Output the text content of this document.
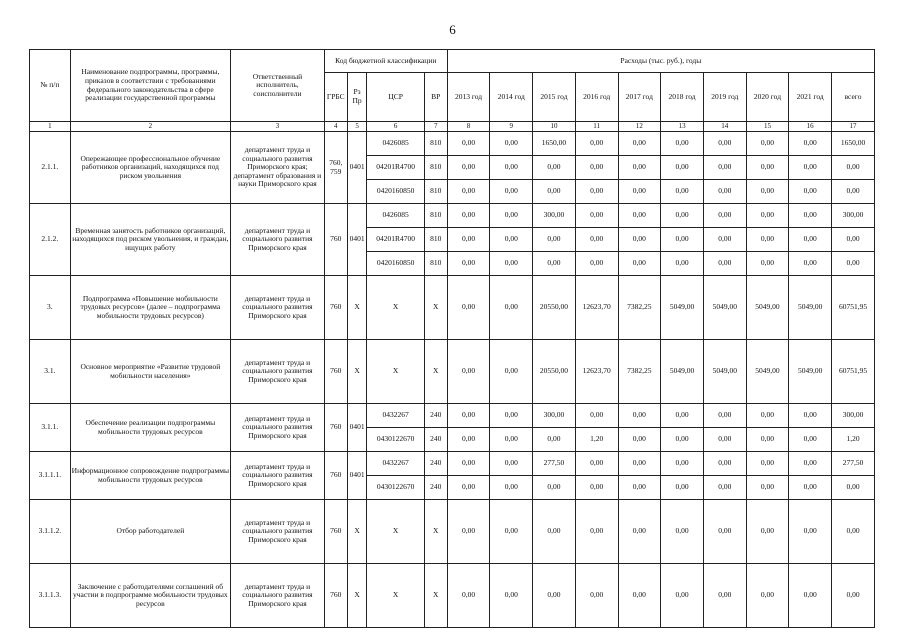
6
№ п/п	Наименование подпрограммы, программы, приказов в соответствии с требованиями федерального законодательства в сфере реализации государственной программы	Ответственный исполнитель, соисполнители	Код бюджетной классификации				Расходы (тыс. руб.), годы									
			ГРБС	Рз Пр	ЦСР	ВР	2013 год	2014 год	2015 год	2016 год	2017 год	2018 год	2019 год	2020 год	2021 год	всего
1	2	3	4	5	6	7	8	9	10	11	12	13	14	15	16	17
2.1.1.	Опережающее профессиональное обучение работников организаций, находящихся под риском увольнения	департамент труда и социального развития Приморского края; департамент образования и науки Приморского края	760, 759	0401	0426085	810	0,00	0,00	1650,00	0,00	0,00	0,00	0,00	0,00	0,00	1650,00
					04201R4700	810	0,00	0,00	0,00	0,00	0,00	0,00	0,00	0,00	0,00	0,00
					0420160850	810	0,00	0,00	0,00	0,00	0,00	0,00	0,00	0,00	0,00	0,00
2.1.2.	Временная занятость работников организаций, находящихся под риском увольнения, и граждан, ищущих работу	департамент труда и социального развития Приморского края	760	0401	0426085	810	0,00	0,00	300,00	0,00	0,00	0,00	0,00	0,00	0,00	300,00
					04201R4700	810	0,00	0,00	0,00	0,00	0,00	0,00	0,00	0,00	0,00	0,00
					0420160850	810	0,00	0,00	0,00	0,00	0,00	0,00	0,00	0,00	0,00	0,00
3.	Подпрограмма «Повышение мобильности трудовых ресурсов» (далее – подпрограмма мобильности трудовых ресурсов)	департамент труда и социального развития Приморского края	760	X	X	X	0,00	0,00	20550,00	12623,70	7382,25	5049,00	5049,00	5049,00	5049,00	60751,95
3.1.	Основное мероприятие «Развитие трудовой мобильности населения»	департамент труда и социального развития Приморского края	760	X	X	X	0,00	0,00	20550,00	12623,70	7382,25	5049,00	5049,00	5049,00	5049,00	60751,95
3.1.1.	Обеспечение реализации подпрограммы мобильности трудовых ресурсов	департамент труда и социального развития Приморского края	760	0401	0432267	240	0,00	0,00	300,00	0,00	0,00	0,00	0,00	0,00	0,00	300,00
					0430122670	240	0,00	0,00	0,00	1,20	0,00	0,00	0,00	0,00	0,00	1,20
3.1.1.1.	Информационное сопровождение подпрограммы мобильности трудовых ресурсов	департамент труда и социального развития Приморского края	760	0401	0432267	240	0,00	0,00	277,50	0,00	0,00	0,00	0,00	0,00	0,00	277,50
					0430122670	240	0,00	0,00	0,00	0,00	0,00	0,00	0,00	0,00	0,00	0,00
3.1.1.2.	Отбор работодателей	департамент труда и социального развития Приморского края	760	X	X	X	0,00	0,00	0,00	0,00	0,00	0,00	0,00	0,00	0,00	0,00
3.1.1.3.	Заключение с работодателями соглашений об участии в подпрограмме мобильности трудовых ресурсов	департамент труда и социального развития Приморского края	760	X	X	X	0,00	0,00	0,00	0,00	0,00	0,00	0,00	0,00	0,00	0,00
